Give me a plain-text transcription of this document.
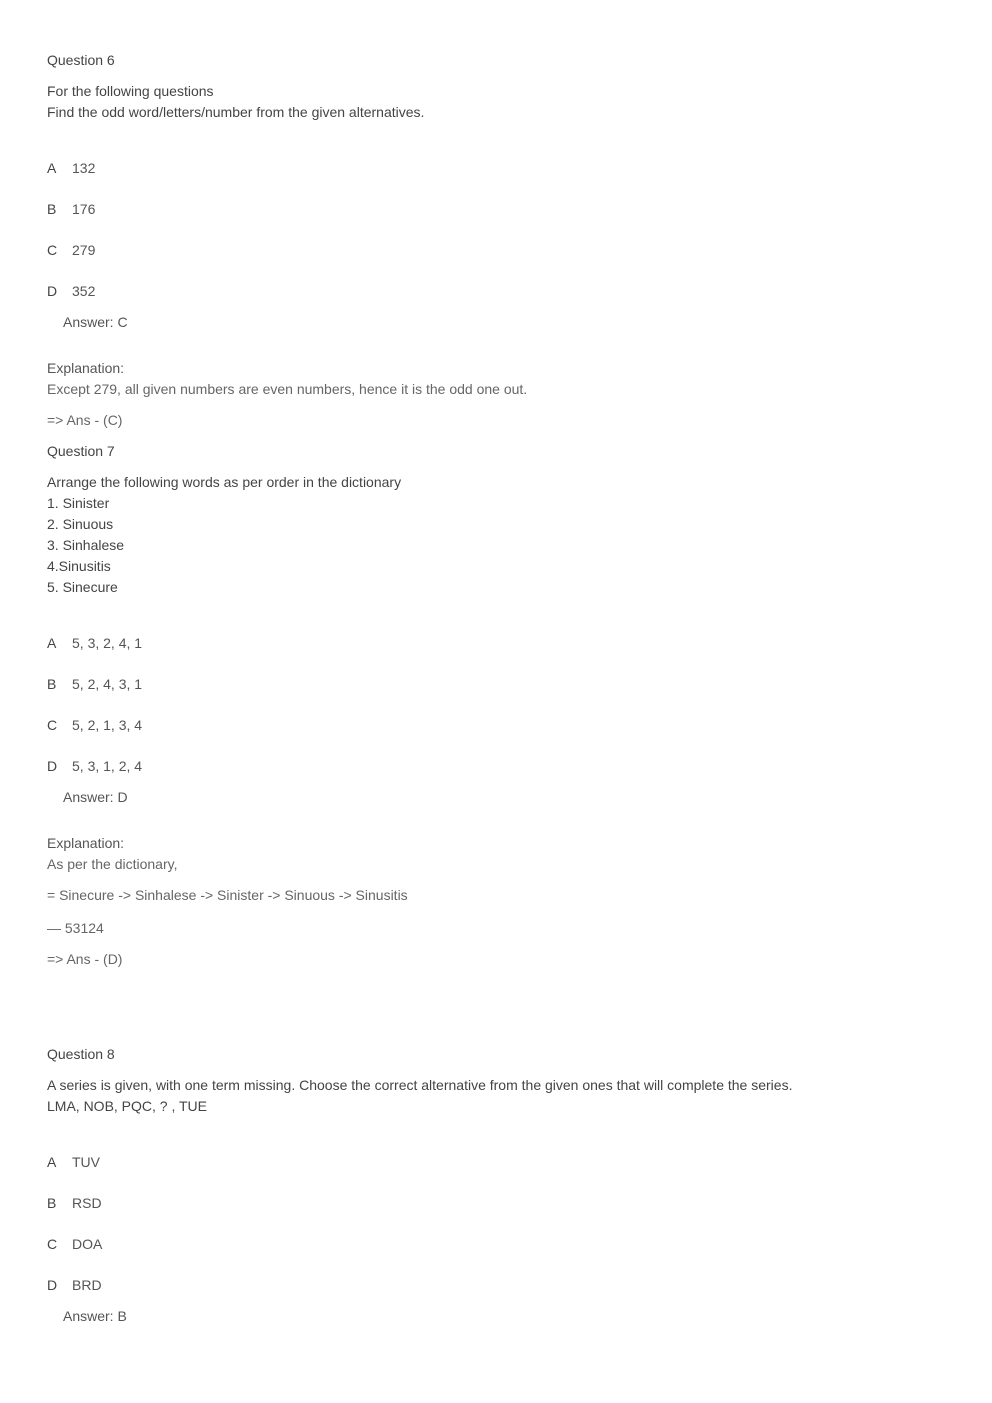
Question 6
For the following questions
Find the odd word/letters/number from the given alternatives.
A 132
B 176
C 279
D 352
Answer: C
Explanation:
Except 279, all given numbers are even numbers, hence it is the odd one out.
=> Ans - (C)
Question 7
Arrange the following words as per order in the dictionary
1. Sinister
2. Sinuous
3. Sinhalese
4.Sinusitis
5. Sinecure
A 5, 3, 2, 4, 1
B 5, 2, 4, 3, 1
C 5, 2, 1, 3, 4
D 5, 3, 1, 2, 4
Answer: D
Explanation:
As per the dictionary,
= Sinecure -> Sinhalese -> Sinister -> Sinuous -> Sinusitis
— 53124
=> Ans - (D)
Question 8
A series is given, with one term missing. Choose the correct alternative from the given ones that will complete the series.
LMA, NOB, PQC, ? , TUE
A TUV
B RSD
C DOA
D BRD
Answer: B
